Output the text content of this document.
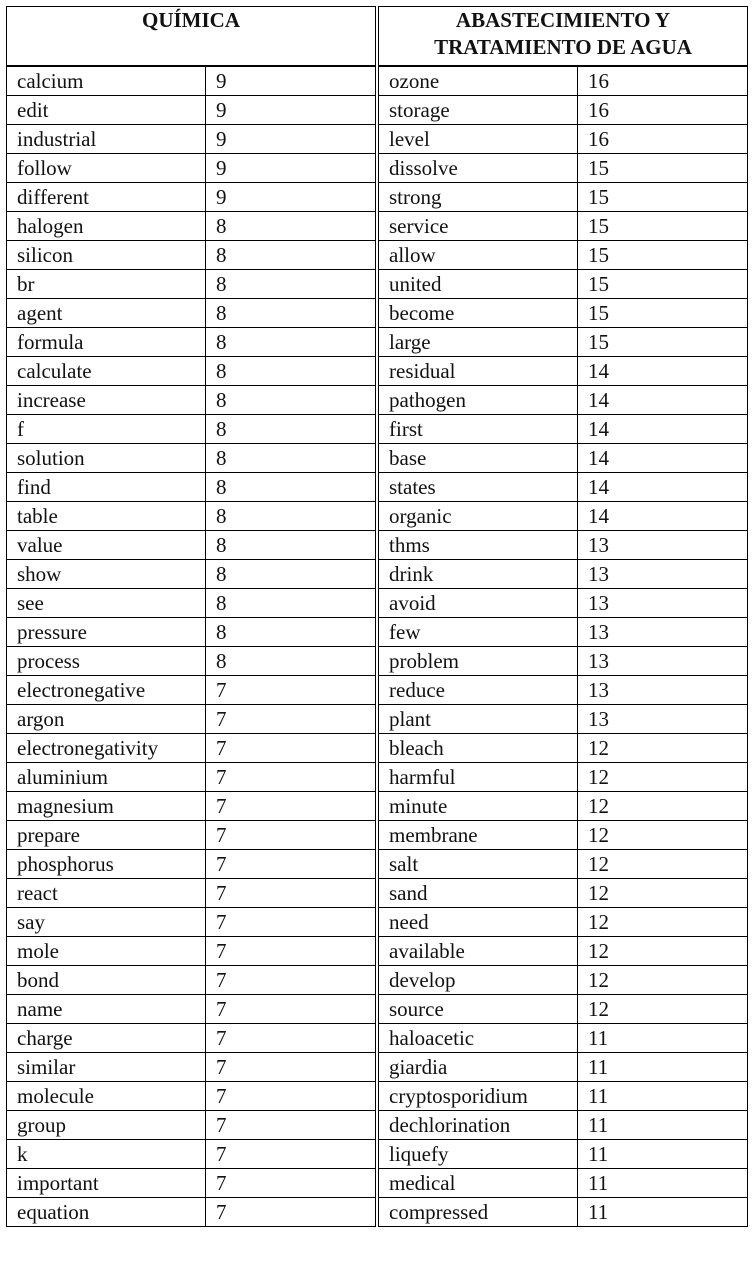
QUÍMICA	
calcium	9
edit	9
industrial	9
follow	9
different	9
halogen	8
silicon	8
br	8
agent	8
formula	8
calculate	8
increase	8
f	8
solution	8
find	8
table	8
value	8
show	8
see	8
pressure	8
process	8
electronegative	7
argon	7
electronegativity	7
aluminium	7
magnesium	7
prepare	7
phosphorus	7
react	7
say	7
mole	7
bond	7
name	7
charge	7
similar	7
molecule	7
group	7
k	7
important	7
equation	7
ABASTECIMIENTO Y TRATAMIENTO DE AGUA	
ozone	16
storage	16
level	16
dissolve	15
strong	15
service	15
allow	15
united	15
become	15
large	15
residual	14
pathogen	14
first	14
base	14
states	14
organic	14
thms	13
drink	13
avoid	13
few	13
problem	13
reduce	13
plant	13
bleach	12
harmful	12
minute	12
membrane	12
salt	12
sand	12
need	12
available	12
develop	12
source	12
haloacetic	11
giardia	11
cryptosporidium	11
dechlorination	11
liquefy	11
medical	11
compressed	11
